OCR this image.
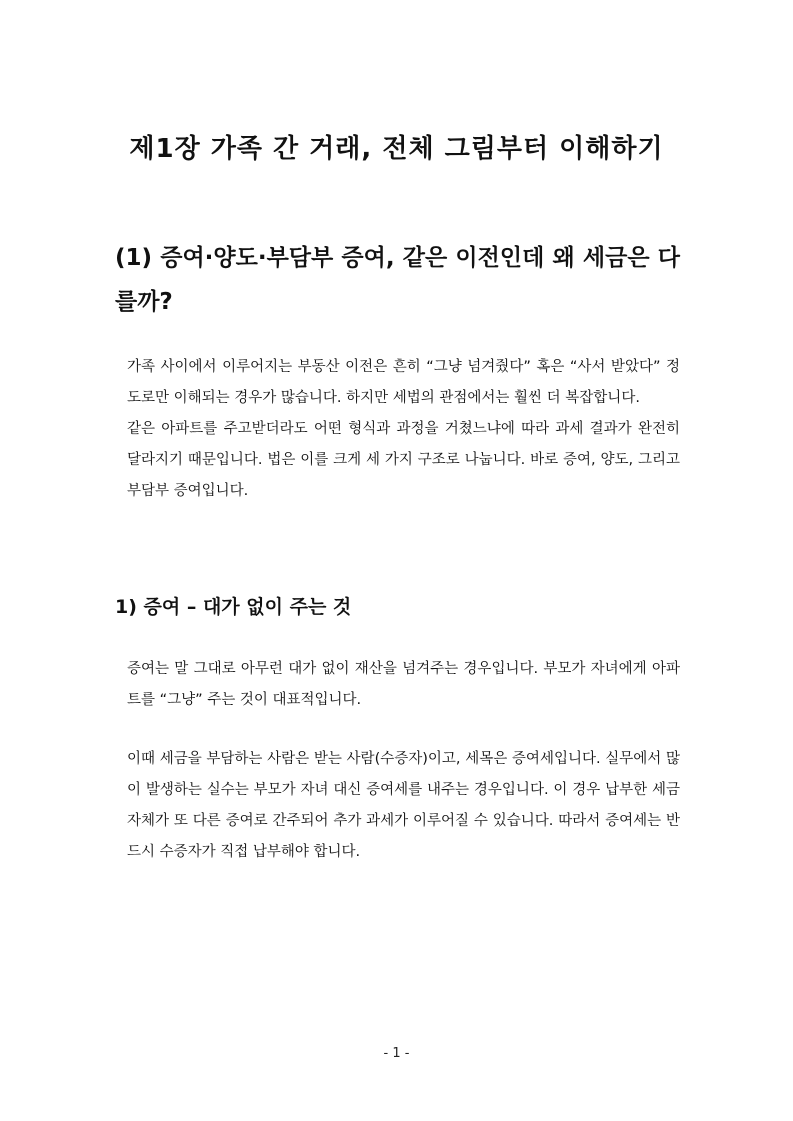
제1장 가족 간 거래, 전체 그림부터 이해하기
(1) 증여·양도·부담부 증여, 같은 이전인데 왜 세금은 다를까?

가족 사이에서 이루어지는 부동산 이전은 흔히 “그냥 넘겨줬다” 혹은 “사서 받았다” 정도로만 이해되는 경우가 많습니다. 하지만 세법의 관점에서는 훨씬 더 복잡합니다.

같은 아파트를 주고받더라도 어떤 형식과 과정을 거쳤느냐에 따라 과세 결과가 완전히 달라지기 때문입니다. 법은 이를 크게 세 가지 구조로 나눕니다. 바로 증여, 양도, 그리고 부담부 증여입니다.

1) 증여 – 대가 없이 주는 것

증여는 말 그대로 아무런 대가 없이 재산을 넘겨주는 경우입니다. 부모가 자녀에게 아파트를 “그냥” 주는 것이 대표적입니다.

이때 세금을 부담하는 사람은 받는 사람(수증자)이고, 세목은 증여세입니다. 실무에서 많이 발생하는 실수는 부모가 자녀 대신 증여세를 내주는 경우입니다. 이 경우 납부한 세금 자체가 또 다른 증여로 간주되어 추가 과세가 이루어질 수 있습니다. 따라서 증여세는 반드시 수증자가 직접 납부해야 합니다.

- 1 -
